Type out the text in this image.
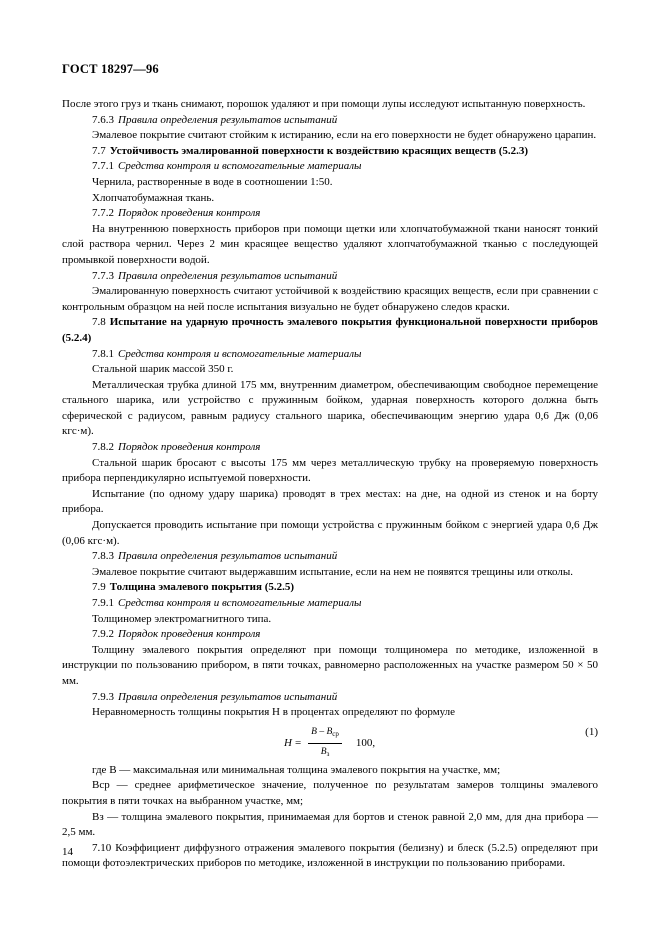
ГОСТ 18297—96

После этого груз и ткань снимают, порошок удаляют и при помощи лупы исследуют испытанную поверхность.

7.6.3 Правила определения результатов испытаний

Эмалевое покрытие считают стойким к истиранию, если на его поверхности не будет обнаружено царапин.

7.7 Устойчивость эмалированной поверхности к воздействию красящих веществ (5.2.3)

7.7.1 Средства контроля и вспомогательные материалы

Чернила, растворенные в воде в соотношении 1:50.

Хлопчатобумажная ткань.

7.7.2 Порядок проведения контроля

На внутреннюю поверхность приборов при помощи щетки или хлопчатобумажной ткани наносят тонкий слой раствора чернил. Через 2 мин красящее вещество удаляют хлопчатобумажной тканью с последующей промывкой поверхности водой.

7.7.3 Правила определения результатов испытаний

Эмалированную поверхность считают устойчивой к воздействию красящих веществ, если при сравнении с контрольным образцом на ней после испытания визуально не будет обнаружено следов краски.

7.8 Испытание на ударную прочность эмалевого покрытия функциональной поверхности приборов (5.2.4)

7.8.1 Средства контроля и вспомогательные материалы

Стальной шарик массой 350 г.

Металлическая трубка длиной 175 мм, внутренним диаметром, обеспечивающим свободное перемещение стального шарика, или устройство с пружинным бойком, ударная поверхность которого должна быть сферической с радиусом, равным радиусу стального шарика, обеспечивающим энергию удара 0,6 Дж (0,06 кгс·м).

7.8.2 Порядок проведения контроля

Стальной шарик бросают с высоты 175 мм через металлическую трубку на проверяемую поверхность прибора перпендикулярно испытуемой поверхности.

Испытание (по одному удару шарика) проводят в трех местах: на дне, на одной из стенок и на борту прибора.

Допускается проводить испытание при помощи устройства с пружинным бойком с энергией удара 0,6 Дж (0,06 кгс·м).

7.8.3 Правила определения результатов испытаний

Эмалевое покрытие считают выдержавшим испытание, если на нем не появятся трещины или отколы.

7.9 Толщина эмалевого покрытия (5.2.5)

7.9.1 Средства контроля и вспомогательные материалы

Толщиномер электромагнитного типа.

7.9.2 Порядок проведения контроля

Толщину эмалевого покрытия определяют при помощи толщиномера по методике, изложенной в инструкции по пользованию прибором, в пяти точках, равномерно расположенных на участке размером 50 × 50 мм.

7.9.3 Правила определения результатов испытаний

Неравномерность толщины покрытия H в процентах определяют по формуле

$H = \frac{B - B_{ср}}{B_з} 100$ ,
(1)

где B — максимальная или минимальная толщина эмалевого покрытия на участке, мм;

Bср — среднее арифметическое значение, полученное по результатам замеров толщины эмалевого покрытия в пяти точках на выбранном участке, мм;

Bз — толщина эмалевого покрытия, принимаемая для бортов и стенок равной 2,0 мм, для дна прибора — 2,5 мм.

7.10 Коэффициент диффузного отражения эмалевого покрытия (белизну) и блеск (5.2.5) определяют при помощи фотоэлектрических приборов по методике, изложенной в инструкции по пользованию приборами.

14
